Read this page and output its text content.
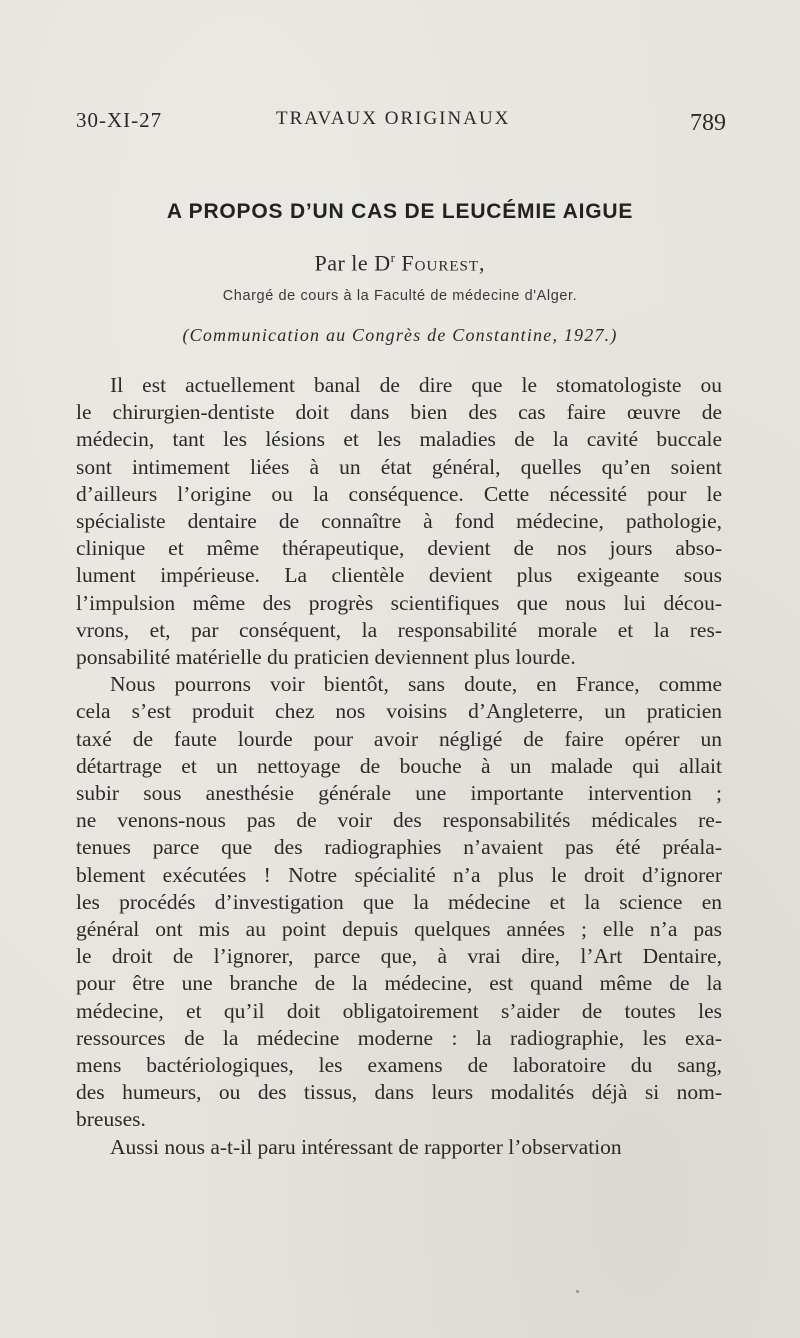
30-XI-27	TRAVAUX ORIGINAUX	789
A PROPOS D’UN CAS DE LEUCÉMIE AIGUE
Par le $D^r$ Fourest,
Chargé de cours à la Faculté de médecine d'Alger.
(Communication au Congrès de Constantine, 1927.)
Il est actuellement banal de dire que le stomatologiste ou
le chirurgien-dentiste doit dans bien des cas faire œuvre de
médecin, tant les lésions et les maladies de la cavité buccale
sont intimement liées à un état général, quelles qu’en soient
d’ailleurs l’origine ou la conséquence. Cette nécessité pour le
spécialiste dentaire de connaître à fond médecine, pathologie,
clinique et même thérapeutique, devient de nos jours abso-
lument impérieuse. La clientèle devient plus exigeante sous
l’impulsion même des progrès scientifiques que nous lui décou-
vrons, et, par conséquent, la responsabilité morale et la res-
ponsabilité matérielle du praticien deviennent plus lourde.
Nous pourrons voir bientôt, sans doute, en France, comme
cela s’est produit chez nos voisins d’Angleterre, un praticien
taxé de faute lourde pour avoir négligé de faire opérer un
détartrage et un nettoyage de bouche à un malade qui allait
subir sous anesthésie générale une importante intervention ;
ne venons-nous pas de voir des responsabilités médicales re-
tenues parce que des radiographies n’avaient pas été préala-
blement exécutées ! Notre spécialité n’a plus le droit d’ignorer
les procédés d’investigation que la médecine et la science en
général ont mis au point depuis quelques années ; elle n’a pas
le droit de l’ignorer, parce que, à vrai dire, l’Art Dentaire,
pour être une branche de la médecine, est quand même de la
médecine, et qu’il doit obligatoirement s’aider de toutes les
ressources de la médecine moderne : la radiographie, les exa-
mens bactériologiques, les examens de laboratoire du sang,
des humeurs, ou des tissus, dans leurs modalités déjà si nom-
breuses.
Aussi nous a-t-il paru intéressant de rapporter l’observation
